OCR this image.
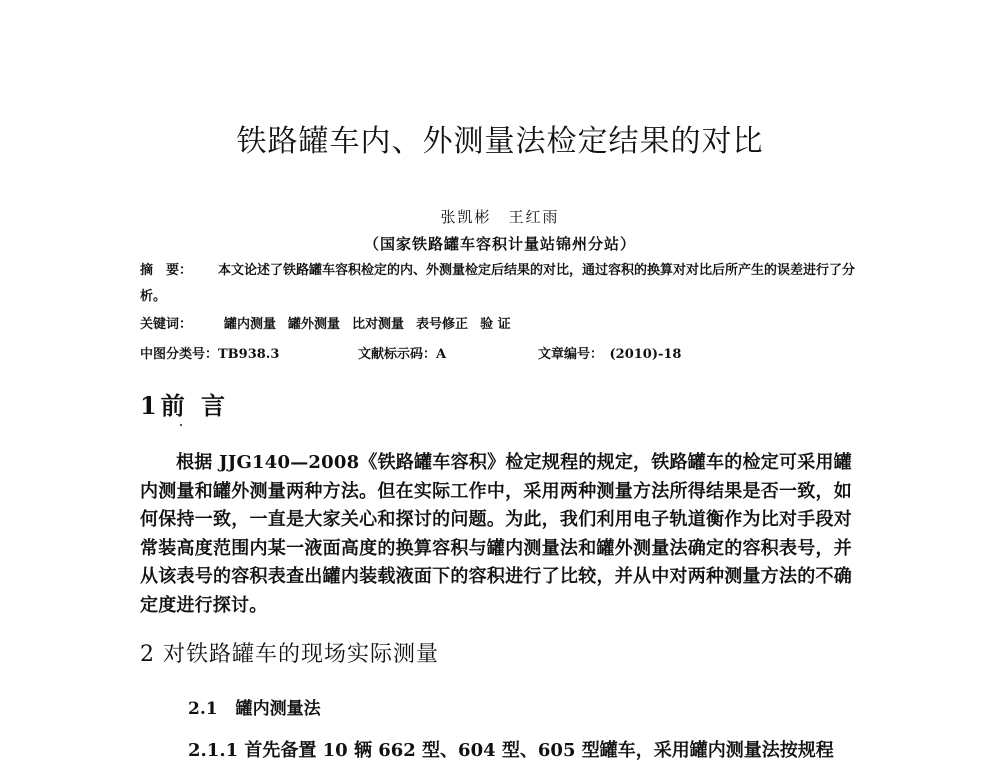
铁路罐车内、外测量法检定结果的对比
张凯彬　王红雨
（国家铁路罐车容积计量站锦州分站）
摘　要： 本文论述了铁路罐车容积检定的内、外测量检定后结果的对比，通过容积的换算对对比后所产生的误差进行了分析。
关键词： 罐内测量 罐外测量 比对测量 表号修正 验 证
中图分类号：TB938.3	文献标示码：A	文章编号：　(2010)-18
1前 言
根据 JJG140—2008《铁路罐车容积》检定规程的规定，铁路罐车的检定可采用罐内测量和罐外测量两种方法。但在实际工作中，采用两种测量方法所得结果是否一致，如何保持一致，一直是大家关心和探讨的问题。为此，我们利用电子轨道衡作为比对手段对常装高度范围内某一液面高度的换算容积与罐内测量法和罐外测量法确定的容积表号，并从该表号的容积表查出罐内装载液面下的容积进行了比较，并从中对两种测量方法的不确定度进行探讨。
2 对铁路罐车的现场实际测量
2.1 罐内测量法
2.1.1 首先备置 10 辆 662 型、604 型、605 型罐车，采用罐内测量法按规程
